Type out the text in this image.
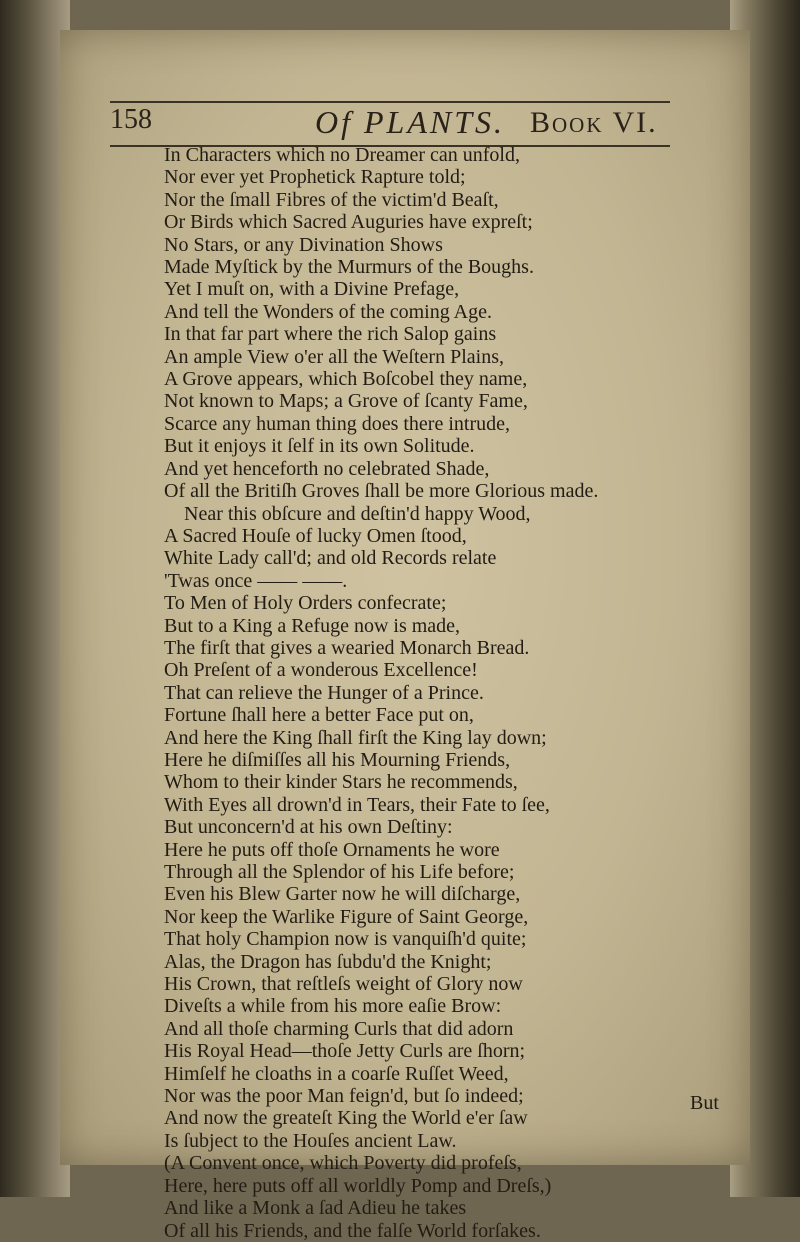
158	Of PLANTS. Book VI.
In Characters which no Dreamer can unfold,
Nor ever yet Prophetick Rapture told;
Nor the ſmall Fibres of the victim'd Beaſt,
Or Birds which Sacred Auguries have expreſt;
No Stars, or any Divination Shows
Made Myſtick by the Murmurs of the Boughs.
Yet I muſt on, with a Divine Prefage,
And tell the Wonders of the coming Age.
In that far part where the rich Salop gains
An ample View o'er all the Weſtern Plains,
A Grove appears, which Boſcobel they name,
Not known to Maps; a Grove of ſcanty Fame,
Scarce any human thing does there intrude,
But it enjoys it ſelf in its own Solitude.
And yet henceforth no celebrated Shade,
Of all the Britiſh Groves ſhall be more Glorious made.
Near this obſcure and deſtin'd happy Wood,
A Sacred Houſe of lucky Omen ſtood,
White Lady call'd; and old Records relate
'Twas once —— ——.
To Men of Holy Orders confecrate;
But to a King a Refuge now is made,
The firſt that gives a wearied Monarch Bread.
Oh Preſent of a wonderous Excellence!
That can relieve the Hunger of a Prince.
Fortune ſhall here a better Face put on,
And here the King ſhall firſt the King lay down;
Here he diſmiſſes all his Mourning Friends,
Whom to their kinder Stars he recommends,
With Eyes all drown'd in Tears, their Fate to ſee,
But unconcern'd at his own Deſtiny:
Here he puts off thoſe Ornaments he wore
Through all the Splendor of his Life before;
Even his Blew Garter now he will diſcharge,
Nor keep the Warlike Figure of Saint George,
That holy Champion now is vanquiſh'd quite;
Alas, the Dragon has ſubdu'd the Knight;
His Crown, that reſtleſs weight of Glory now
Diveſts a while from his more eaſie Brow:
And all thoſe charming Curls that did adorn
His Royal Head—thoſe Jetty Curls are ſhorn;
Himſelf he cloaths in a coarſe Ruſſet Weed,
Nor was the poor Man feign'd, but ſo indeed;
And now the greateſt King the World e'er ſaw
Is ſubject to the Houſes ancient Law.
(A Convent once, which Poverty did profeſs,
Here, here puts off all worldly Pomp and Dreſs,)
And like a Monk a ſad Adieu he takes
Of all his Friends, and the falſe World forſakes.
But
